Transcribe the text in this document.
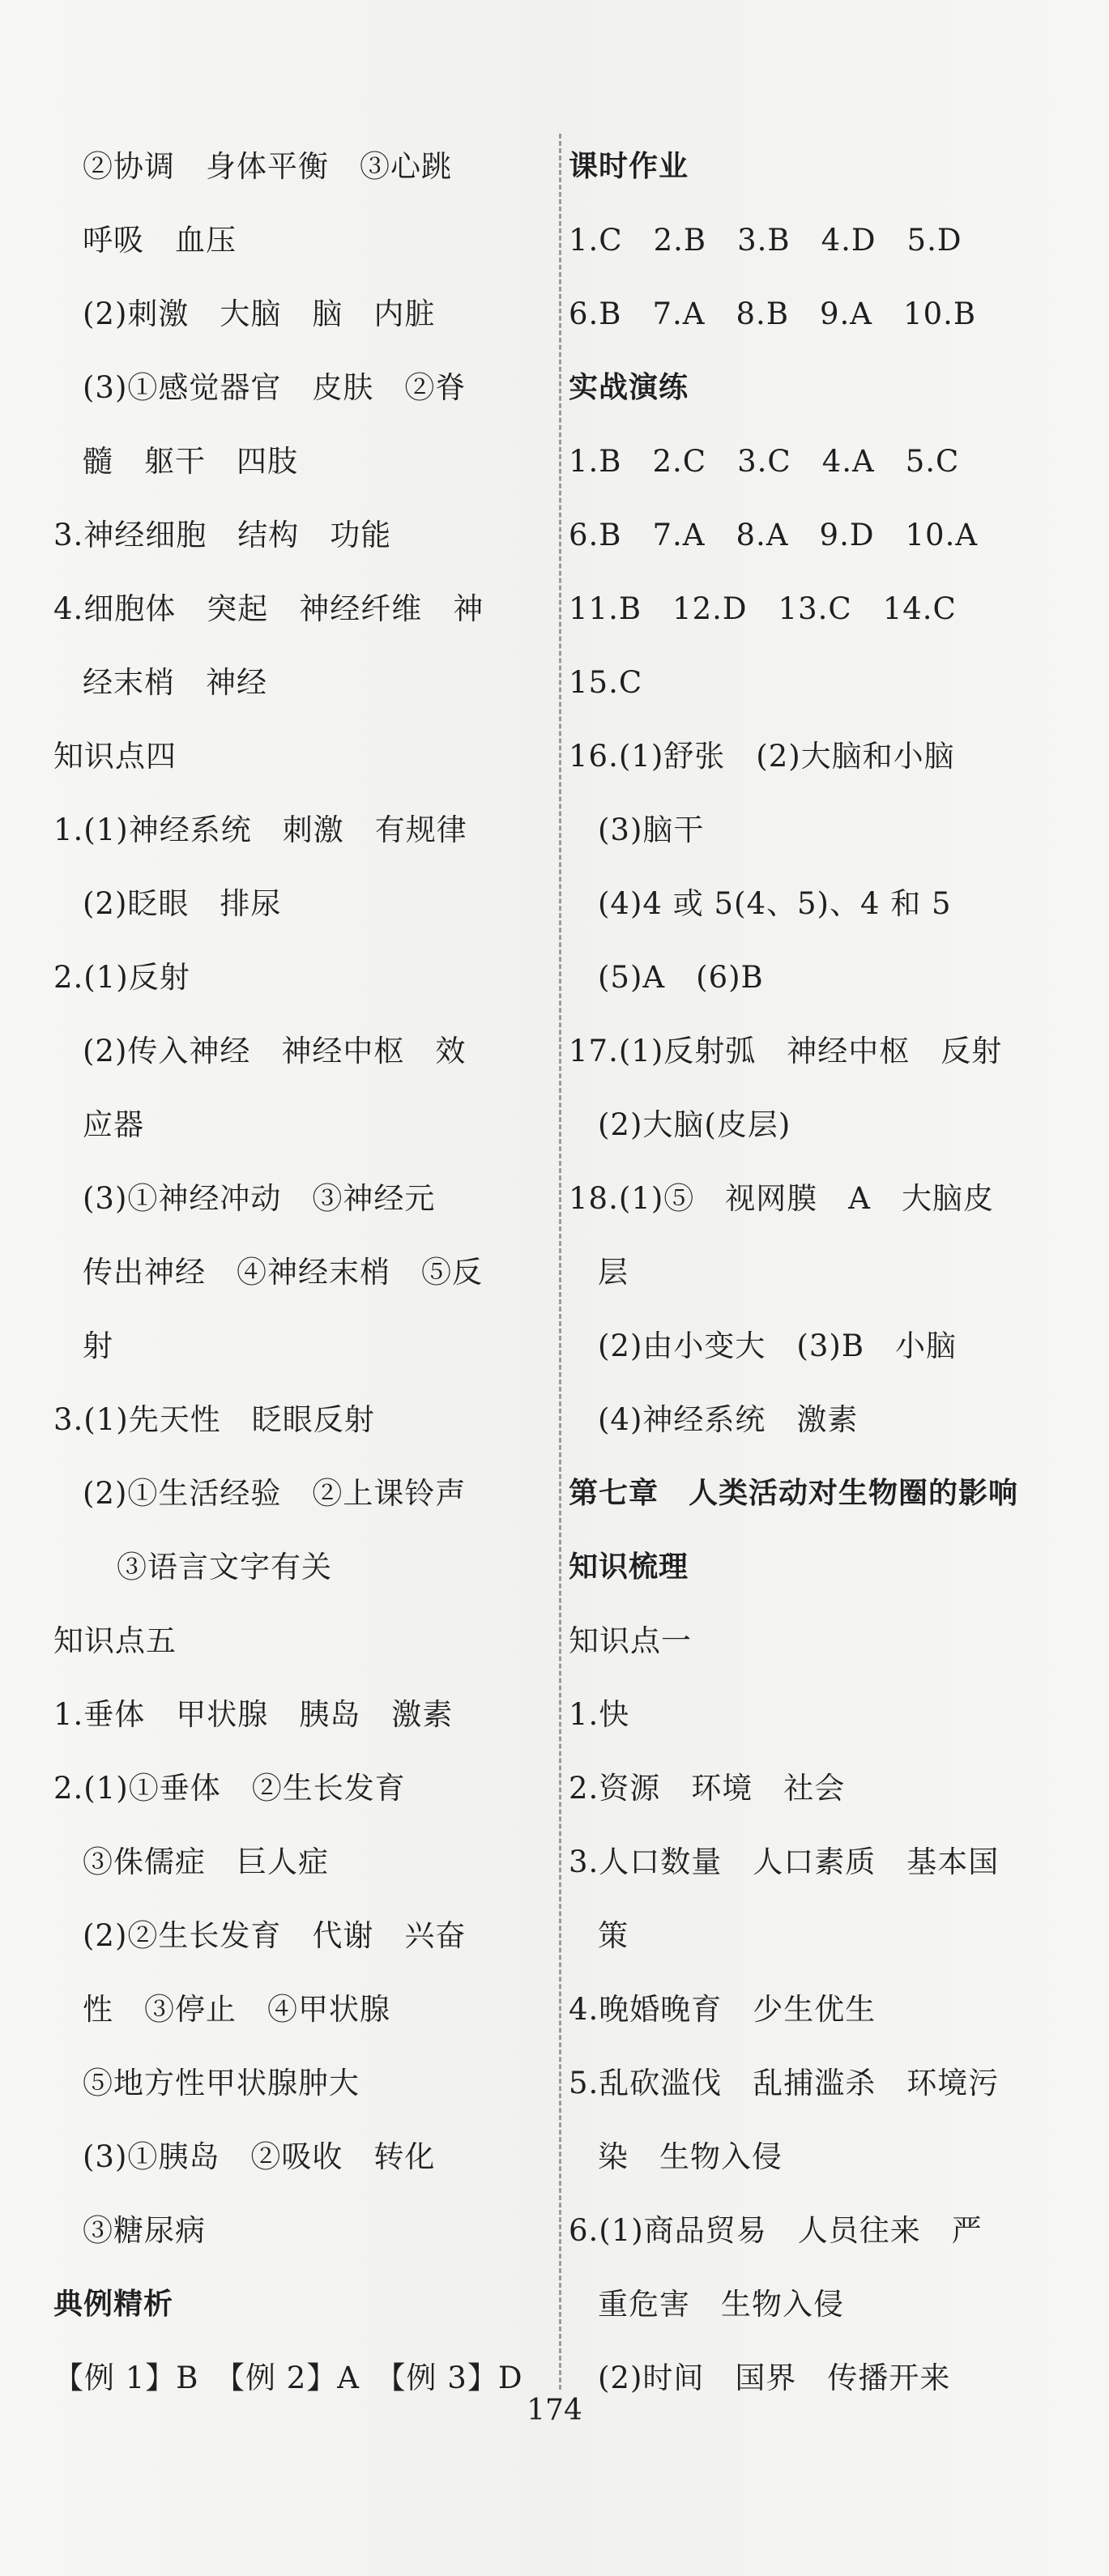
②协调　身体平衡　③心跳
呼吸　血压
(2)刺激　大脑　脑　内脏
(3)①感觉器官　皮肤　②脊
髓　躯干　四肢
3.神经细胞　结构　功能
4.细胞体　突起　神经纤维　神
经末梢　神经
知识点四
1.(1)神经系统　刺激　有规律
(2)眨眼　排尿
2.(1)反射
(2)传入神经　神经中枢　效
应器
(3)①神经冲动　③神经元
传出神经　④神经末梢　⑤反
射
3.(1)先天性　眨眼反射
(2)①生活经验　②上课铃声
③语言文字有关
知识点五
1.垂体　甲状腺　胰岛　激素
2.(1)①垂体　②生长发育
③侏儒症　巨人症
(2)②生长发育　代谢　兴奋
性　③停止　④甲状腺
⑤地方性甲状腺肿大
(3)①胰岛　②吸收　转化
③糖尿病
典例精析
【例 1】B　【例 2】A　【例 3】D
课时作业
1.C　2.B　3.B　4.D　5.D
6.B　7.A　8.B　9.A　10.B
实战演练
1.B　2.C　3.C　4.A　5.C
6.B　7.A　8.A　9.D　10.A
11.B　12.D　13.C　14.C
15.C
16.(1)舒张　(2)大脑和小脑
(3)脑干
(4)4 或 5(4、5)、4 和 5
(5)A　(6)B
17.(1)反射弧　神经中枢　反射
(2)大脑(皮层)
18.(1)⑤　视网膜　A　大脑皮
层
(2)由小变大　(3)B　小脑
(4)神经系统　激素
第七章　人类活动对生物圈的影响
知识梳理
知识点一
1.快
2.资源　环境　社会
3.人口数量　人口素质　基本国
策
4.晚婚晚育　少生优生
5.乱砍滥伐　乱捕滥杀　环境污
染　生物入侵
6.(1)商品贸易　人员往来　严
重危害　生物入侵
(2)时间　国界　传播开来
174
